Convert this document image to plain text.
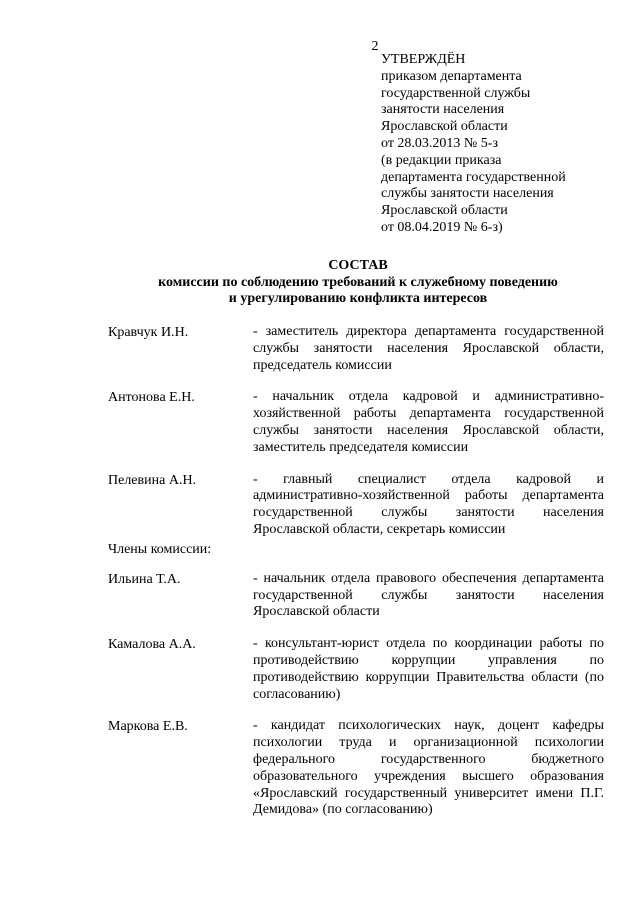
2
УТВЕРЖДЁН
приказом департамента
государственной службы
занятости населения
Ярославской области
от 28.03.2013 № 5-з
(в редакции приказа
департамента государственной
службы занятости населения
Ярославской области
от 08.04.2019 № 6-з)
СОСТАВ
комиссии по соблюдению требований к служебному поведению
и урегулированию конфликта интересов
Кравчук И.Н.	- заместитель директора департамента государственной службы занятости населения Ярославской области, председатель комиссии
Антонова Е.Н.	- начальник отдела кадровой и административно-хозяйственной работы департамента государственной службы занятости населения Ярославской области, заместитель председателя комиссии
Пелевина А.Н.	- главный специалист отдела кадровой и административно-хозяйственной работы департамента государственной службы занятости населения Ярославской области, секретарь комиссии
Члены комиссии:
Ильина Т.А.	- начальник отдела правового обеспечения департамента государственной службы занятости населения Ярославской области
Камалова А.А.	- консультант-юрист отдела по координации работы по противодействию коррупции управления по противодействию коррупции Правительства области (по согласованию)
Маркова Е.В.	- кандидат психологических наук, доцент кафедры психологии труда и организационной психологии федерального государственного бюджетного образовательного учреждения высшего образования «Ярославский государственный университет имени П.Г. Демидова» (по согласованию)
